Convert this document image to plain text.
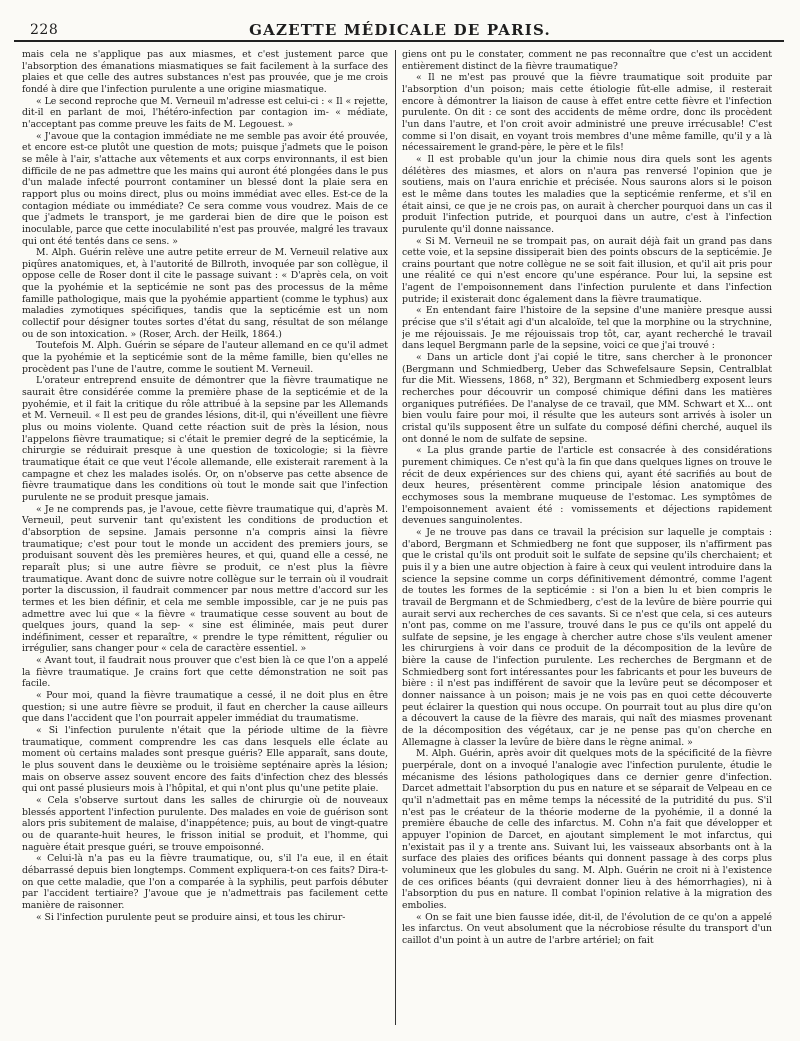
228	GAZETTE MÉDICALE DE PARIS.

mais cela ne s'applique pas aux miasmes, et c'est justement parce que l'absorption des émanations miasmatiques se fait facilement à la surface des plaies et que celle des autres substances n'est pas prouvée, que je me crois fondé à dire que l'infection purulente a une origine miasmatique.

« Le second reproche que M. Verneuil m'adresse est celui-ci : « Il « rejette, dit-il en parlant de moi, l'hétéro-infection par contagion im- « médiate, n'acceptant pas comme preuve les faits de M. Legouest. »

« J'avoue que la contagion immédiate ne me semble pas avoir été prouvée, et encore est-ce plutôt une question de mots; puisque j'admets que le poison se mêle à l'air, s'attache aux vêtements et aux corps environnants, il est bien difficile de ne pas admettre que les mains qui auront été plongées dans le pus d'un malade infecté pourront contaminer un blessé dont la plaie sera en rapport plus ou moins direct, plus ou moins immédiat avec elles. Est-ce de la contagion médiate ou immédiate? Ce sera comme vous voudrez. Mais de ce que j'admets le transport, je me garderai bien de dire que le poison est inoculable, parce que cette inoculabilité n'est pas prouvée, malgré les travaux qui ont été tentés dans ce sens. »

M. Alph. Guérin relève une autre petite erreur de M. Verneuil relative aux piqûres anatomiques, et, à l'autorité de Billroth, invoquée par son collègue, il oppose celle de Roser dont il cite le passage suivant : « D'après cela, on voit que la pyohémie et la septicémie ne sont pas des processus de la même famille pathologique, mais que la pyohémie appartient (comme le typhus) aux maladies zymotiques spécifiques, tandis que la septicémie est un nom collectif pour désigner toutes sortes d'état du sang, résultat de son mélange ou de son intoxication. » (Roser, Arch. der Heilk, 1864.)

Toutefois M. Alph. Guérin se sépare de l'auteur allemand en ce qu'il admet que la pyohémie et la septicémie sont de la même famille, bien qu'elles ne procèdent pas l'une de l'autre, comme le soutient M. Verneuil.

L'orateur entreprend ensuite de démontrer que la fièvre traumatique ne saurait être considérée comme la première phase de la septicémie et de la pyohémie, et il fait la critique du rôle attribué à la sepsine par les Allemands et M. Verneuil. « Il est peu de grandes lésions, dit-il, qui n'éveillent une fièvre plus ou moins violente. Quand cette réaction suit de près la lésion, nous l'appelons fièvre traumatique; si c'était le premier degré de la septicémie, la chirurgie se réduirait presque à une question de toxicologie; si la fièvre traumatique était ce que veut l'école allemande, elle existerait rarement à la campagne et chez les malades isolés. Or, on n'observe pas cette absence de fièvre traumatique dans les conditions où tout le monde sait que l'infection purulente ne se produit presque jamais.

« Je ne comprends pas, je l'avoue, cette fièvre traumatique qui, d'après M. Verneuil, peut survenir tant qu'existent les conditions de production et d'absorption de sepsine. Jamais personne n'a compris ainsi la fièvre traumatique; c'est pour tout le monde un accident des premiers jours, se produisant souvent dès les premières heures, et qui, quand elle a cessé, ne reparaît plus; si une autre fièvre se produit, ce n'est plus la fièvre traumatique. Avant donc de suivre notre collègue sur le terrain où il voudrait porter la discussion, il faudrait commencer par nous mettre d'accord sur les termes et les bien définir, et cela me semble impossible, car je ne puis pas admettre avec lui que « la fièvre « traumatique cesse souvent au bout de quelques jours, quand la sep- « sine est éliminée, mais peut durer indéfiniment, cesser et reparaître, « prendre le type rémittent, régulier ou irrégulier, sans changer pour « cela de caractère essentiel. »

« Avant tout, il faudrait nous prouver que c'est bien là ce que l'on a appelé la fièvre traumatique. Je crains fort que cette démonstration ne soit pas facile.

« Pour moi, quand la fièvre traumatique a cessé, il ne doit plus en être question; si une autre fièvre se produit, il faut en chercher la cause ailleurs que dans l'accident que l'on pourrait appeler immédiat du traumatisme.

« Si l'infection purulente n'était que la période ultime de la fièvre traumatique, comment comprendre les cas dans lesquels elle éclate au moment où certains malades sont presque guéris? Elle apparaît, sans doute, le plus souvent dans le deuxième ou le troisième septénaire après la lésion; mais on observe assez souvent encore des faits d'infection chez des blessés qui ont passé plusieurs mois à l'hôpital, et qui n'ont plus qu'une petite plaie.

« Cela s'observe surtout dans les salles de chirurgie où de nouveaux blessés apportent l'infection purulente. Des malades en voie de guérison sont alors pris subitement de malaise, d'inappétence; puis, au bout de vingt-quatre ou de quarante-huit heures, le frisson initial se produit, et l'homme, qui naguère était presque guéri, se trouve empoisonné.

« Celui-là n'a pas eu la fièvre traumatique, ou, s'il l'a eue, il en était débarrassé depuis bien longtemps. Comment expliquera-t-on ces faits? Dira-t-on que cette maladie, que l'on a comparée à la syphilis, peut parfois débuter par l'accident tertiaire? J'avoue que je n'admettrais pas facilement cette manière de raisonner.

« Si l'infection purulente peut se produire ainsi, et tous les chirur-

giens ont pu le constater, comment ne pas reconnaître que c'est un accident entièrement distinct de la fièvre traumatique?

« Il ne m'est pas prouvé que la fièvre traumatique soit produite par l'absorption d'un poison; mais cette étiologie fût-elle admise, il resterait encore à démontrer la liaison de cause à effet entre cette fièvre et l'infection purulente. On dit : ce sont des accidents de même ordre, donc ils procèdent l'un dans l'autre, et l'on croit avoir administré une preuve irrécusable! C'est comme si l'on disait, en voyant trois membres d'une même famille, qu'il y a là nécessairement le grand-père, le père et le fils!

« Il est probable qu'un jour la chimie nous dira quels sont les agents délétères des miasmes, et alors on n'aura pas renversé l'opinion que je soutiens, mais on l'aura enrichie et précisée. Nous saurons alors si le poison est le même dans toutes les maladies que la septicémie renferme, et s'il en était ainsi, ce que je ne crois pas, on aurait à chercher pourquoi dans un cas il produit l'infection putride, et pourquoi dans un autre, c'est à l'infection purulente qu'il donne naissance.

« Si M. Verneuil ne se trompait pas, on aurait déjà fait un grand pas dans cette voie, et la sepsine dissiperait bien des points obscurs de la septicémie. Je crains pourtant que notre collègue ne se soit fait illusion, et qu'il ait pris pour une réalité ce qui n'est encore qu'une espérance. Pour lui, la sepsine est l'agent de l'empoisonnement dans l'infection purulente et dans l'infection putride; il existerait donc également dans la fièvre traumatique.

« En entendant faire l'histoire de la sepsine d'une manière presque aussi précise que s'il s'était agi d'un alcaloïde, tel que la morphine ou la strychnine, je me réjouissais. Je me réjouissais trop tôt, car, ayant recherché le travail dans lequel Bergmann parle de la sepsine, voici ce que j'ai trouvé :

« Dans un article dont j'ai copié le titre, sans chercher à le prononcer (Bergmann und Schmiedberg, Ueber das Schwefelsaure Sepsin, Centralblat fur die Mit. Wiessens, 1868, n° 32), Bergmann et Schmiedberg exposent leurs recherches pour découvrir un composé chimique défini dans les matières organiques putréfiées. De l'analyse de ce travail, que MM. Schwart et X... ont bien voulu faire pour moi, il résulte que les auteurs sont arrivés à isoler un cristal qu'ils supposent être un sulfate du composé défini cherché, auquel ils ont donné le nom de sulfate de sepsine.

« La plus grande partie de l'article est consacrée à des considérations purement chimiques. Ce n'est qu'à la fin que dans quelques lignes on trouve le récit de deux expériences sur des chiens qui, ayant été sacrifiés au bout de deux heures, présentèrent comme principale lésion anatomique des ecchymoses sous la membrane muqueuse de l'estomac. Les symptômes de l'empoisonnement avaient été : vomissements et déjections rapidement devenues sanguinolentes.

« Je ne trouve pas dans ce travail la précision sur laquelle je comptais : d'abord, Bergmann et Schmiedberg ne font que supposer, ils n'affirment pas que le cristal qu'ils ont produit soit le sulfate de sepsine qu'ils cherchaient; et puis il y a bien une autre objection à faire à ceux qui veulent introduire dans la science la sepsine comme un corps définitivement démontré, comme l'agent de toutes les formes de la septicémie : si l'on a bien lu et bien compris le travail de Bergmann et de Schmiedberg, c'est de la levûre de bière pourrie qui aurait servi aux recherches de ces savants. Si ce n'est que cela, si ces auteurs n'ont pas, comme on me l'assure, trouvé dans le pus ce qu'ils ont appelé du sulfate de sepsine, je les engage à chercher autre chose s'ils veulent amener les chirurgiens à voir dans ce produit de la décomposition de la levûre de bière la cause de l'infection purulente. Les recherches de Bergmann et de Schmiedberg sont fort intéressantes pour les fabricants et pour les buveurs de bière : il n'est pas indifférent de savoir que la levûre peut se décomposer et donner naissance à un poison; mais je ne vois pas en quoi cette découverte peut éclairer la question qui nous occupe. On pourrait tout au plus dire qu'on a découvert la cause de la fièvre des marais, qui naît des miasmes provenant de la décomposition des végétaux, car je ne pense pas qu'on cherche en Allemagne à classer la levûre de bière dans le règne animal. »

M. Alph. Guérin, après avoir dit quelques mots de la spécificité de la fièvre puerpérale, dont on a invoqué l'analogie avec l'infection purulente, étudie le mécanisme des lésions pathologiques dans ce dernier genre d'infection. Darcet admettait l'absorption du pus en nature et se séparait de Velpeau en ce qu'il n'admettait pas en même temps la nécessité de la putridité du pus. S'il n'est pas le créateur de la théorie moderne de la pyohémie, il a donné la première ébauche de celle des infarctus. M. Cohn n'a fait que développer et appuyer l'opinion de Darcet, en ajoutant simplement le mot infarctus, qui n'existait pas il y a trente ans. Suivant lui, les vaisseaux absorbants ont à la surface des plaies des orifices béants qui donnent passage à des corps plus volumineux que les globules du sang. M. Alph. Guérin ne croit ni à l'existence de ces orifices béants (qui devraient donner lieu à des hémorrhagies), ni à l'absorption du pus en nature. Il combat l'opinion relative à la migration des embolies.

« On se fait une bien fausse idée, dit-il, de l'évolution de ce qu'on a appelé les infarctus. On veut absolument que la nécrobiose résulte du transport d'un caillot d'un point à un autre de l'arbre artériel; on fait
